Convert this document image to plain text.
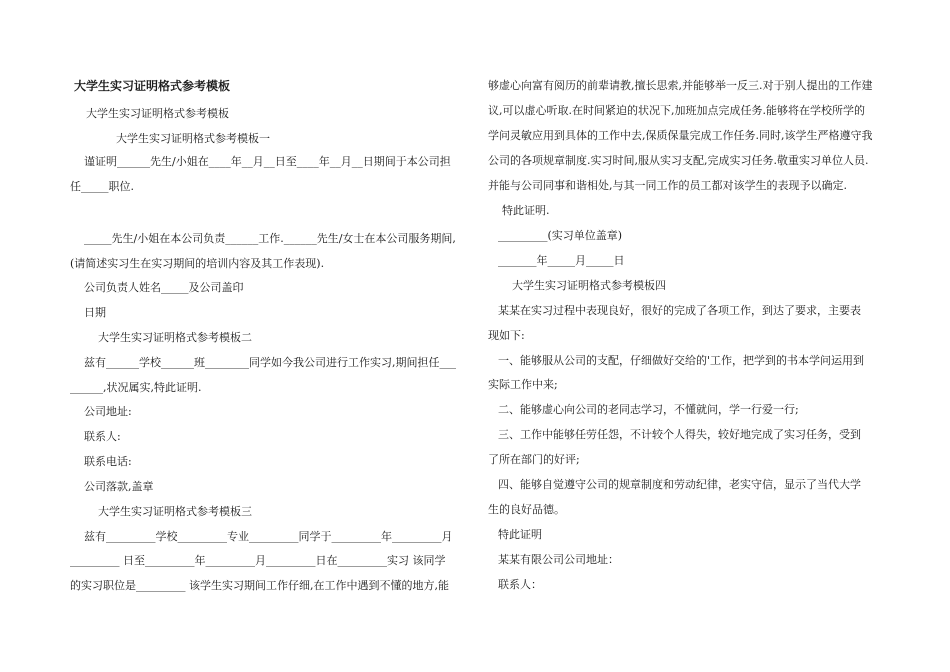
大学生实习证明格式参考模板
大学生实习证明格式参考模板
大学生实习证明格式参考模板一
谨证明______先生/小姐在____年__月__日至____年__月__日期间于本公司担
任_____职位.
_____先生/小姐在本公司负责______工作.______先生/女士在本公司服务期间,
(请简述实习生在实习期间的培训内容及其工作表现).
公司负责人姓名_____及公司盖印
日期
大学生实习证明格式参考模板二
兹有______学校______班________同学如今我公司进行工作实习,期间担任___
______,状况属实,特此证明.
公司地址:
联系人:
联系电话:
公司落款,盖章
大学生实习证明格式参考模板三
兹有_________学校_________专业_________同学于_________年_________月
_________ 日至_________年_________月_________日在_________实习 该同学
的实习职位是_________ 该学生实习期间工作仔细,在工作中遇到不懂的地方,能
够虚心向富有阅历的前辈请教,擅长思索,并能够举一反三.对于别人提出的工作建
议,可以虚心听取.在时间紧迫的状况下,加班加点完成任务.能够将在学校所学的
学问灵敏应用到具体的工作中去,保质保量完成工作任务.同时,该学生严格遵守我
公司的各项规章制度.实习时间,服从实习支配,完成实习任务.敬重实习单位人员.
并能与公司同事和谐相处,与其一同工作的员工都对该学生的表现予以确定.
特此证明.
_________(实习单位盖章)
_______年_____月_____日
大学生实习证明格式参考模板四
某某在实习过程中表现良好，很好的完成了各项工作，到达了要求，主要表
现如下:
一、能够服从公司的支配，仔细做好交给的'工作，把学到的书本学问运用到
实际工作中来;
二、能够虚心向公司的老同志学习，不懂就问，学一行爱一行;
三、工作中能够任劳任怨，不计较个人得失，较好地完成了实习任务，受到
了所在部门的好评;
四、能够自觉遵守公司的规章制度和劳动纪律，老实守信，显示了当代大学
生的良好品德。
特此证明
某某有限公司公司地址：
联系人：
